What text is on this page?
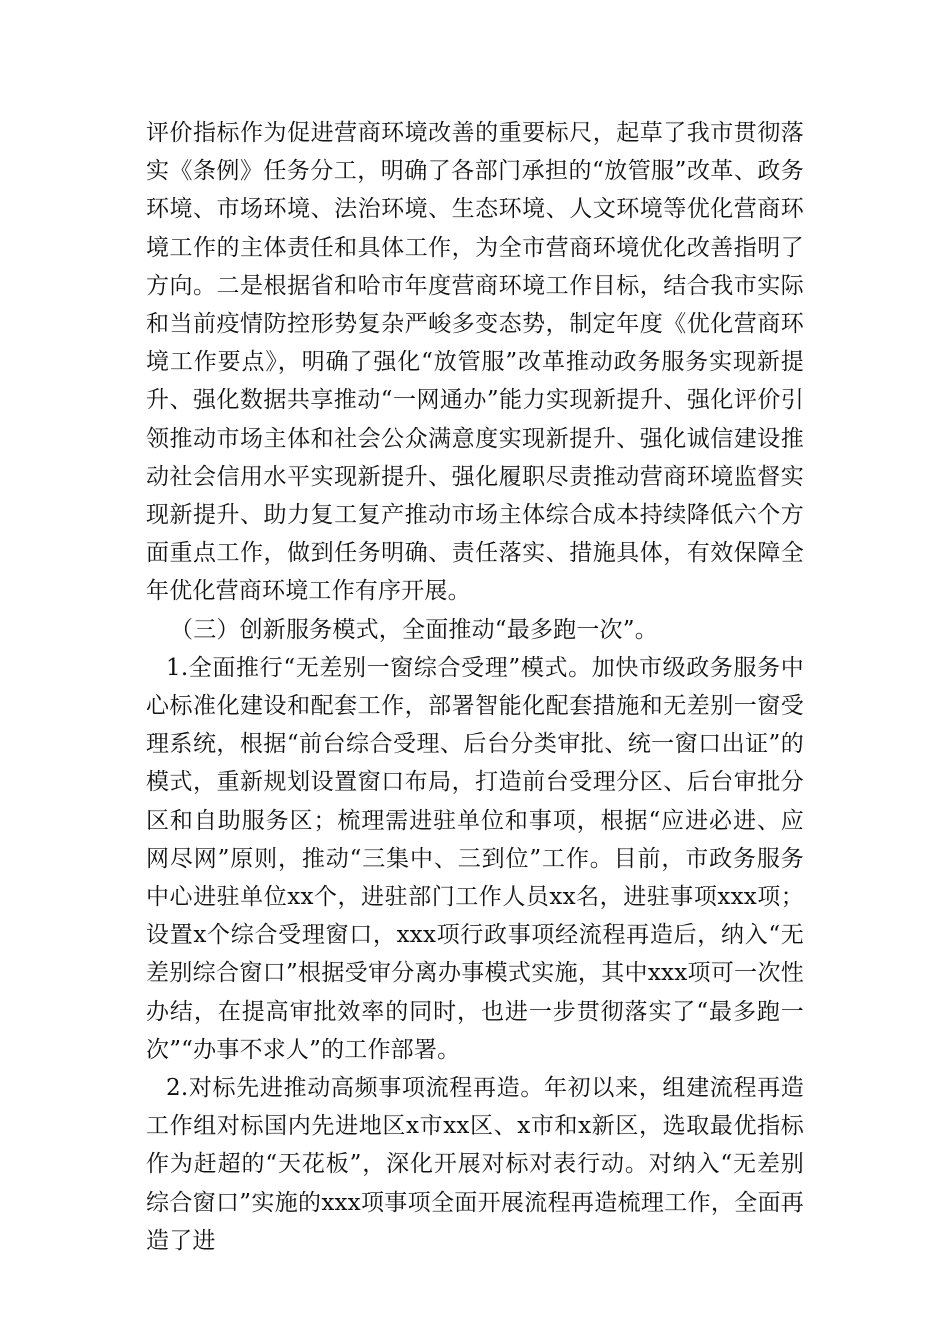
评价指标作为促进营商环境改善的重要标尺，起草了我市贯彻落实《条例》任务分工，明确了各部门承担的“放管服”改革、政务环境、市场环境、法治环境、生态环境、人文环境等优化营商环境工作的主体责任和具体工作，为全市营商环境优化改善指明了方向。二是根据省和哈市年度营商环境工作目标，结合我市实际和当前疫情防控形势复杂严峻多变态势，制定年度《优化营商环境工作要点》，明确了强化“放管服”改革推动政务服务实现新提升、强化数据共享推动“一网通办”能力实现新提升、强化评价引领推动市场主体和社会公众满意度实现新提升、强化诚信建设推动社会信用水平实现新提升、强化履职尽责推动营商环境监督实现新提升、助力复工复产推动市场主体综合成本持续降低六个方面重点工作，做到任务明确、责任落实、措施具体，有效保障全年优化营商环境工作有序开展。

（三）创新服务模式，全面推动“最多跑一次”。

1.全面推行“无差别一窗综合受理”模式。加快市级政务服务中心标准化建设和配套工作，部署智能化配套措施和无差别一窗受理系统，根据“前台综合受理、后台分类审批、统一窗口出证”的模式，重新规划设置窗口布局，打造前台受理分区、后台审批分区和自助服务区；梳理需进驻单位和事项，根据“应进必进、应网尽网”原则，推动“三集中、三到位”工作。目前，市政务服务中心进驻单位xx个，进驻部门工作人员xx名，进驻事项xxx项；设置x个综合受理窗口，xxx项行政事项经流程再造后，纳入“无差别综合窗口”根据受审分离办事模式实施，其中xxx项可一次性办结，在提高审批效率的同时，也进一步贯彻落实了“最多跑一次”“办事不求人”的工作部署。

2.对标先进推动高频事项流程再造。年初以来，组建流程再造工作组对标国内先进地区x市xx区、x市和x新区，选取最优指标作为赶超的“天花板”，深化开展对标对表行动。对纳入“无差别综合窗口”实施的xxx项事项全面开展流程再造梳理工作，全面再造了进
